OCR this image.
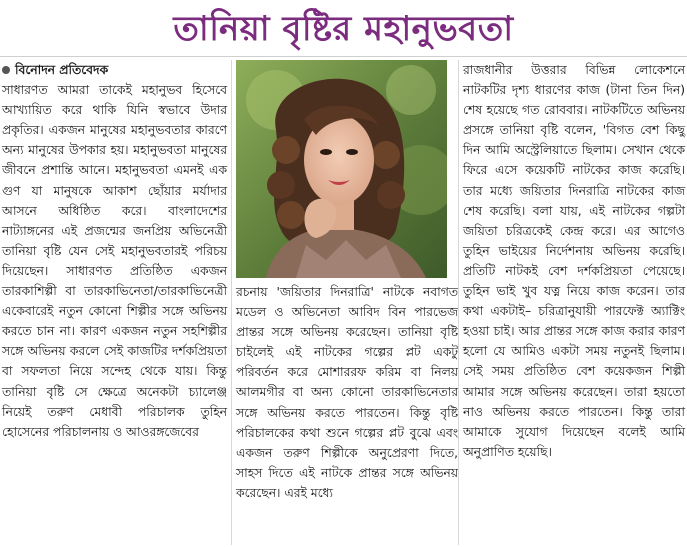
তানিয়া বৃষ্টির মহানুভবতা
বিনোদন প্রতিবেদক

সাধারণত আমরা তাকেই মহানুভব হিসেবে আখ্যায়িত করে থাকি যিনি স্বভাবে উদার প্রকৃতির। একজন মানুষের মহানুভবতার কারণে অন্য মানুষের উপকার হয়। মহানুভবতা মানুষের জীবনে প্রশান্তি আনে। মহানুভবতা এমনই এক গুণ যা মানুষকে আকাশ ছোঁয়ার মর্যাদার আসনে অধিষ্ঠিত করে। বাংলাদেশের নাট্যাঙ্গনের এই প্রজন্মের জনপ্রিয় অভিনেত্রী তানিয়া বৃষ্টি যেন সেই মহানুভবতারই পরিচয় দিয়েছেন। সাধারণত প্রতিষ্ঠিত একজন তারকাশিল্পী বা তারকাভিনেতা/তারকাভিনেত্রী একেবারেই নতুন কোনো শিল্পীর সঙ্গে অভিনয় করতে চান না। কারণ একজন নতুন সহশিল্পীর সঙ্গে অভিনয় করলে সেই কাজটির দর্শকপ্রিয়তা বা সফলতা নিয়ে সন্দেহ থেকে যায়। কিন্তু তানিয়া বৃষ্টি সে ক্ষেত্রে অনেকটা চ্যালেঞ্জ নিয়েই তরুণ মেধাবী পরিচালক তুহিন হোসেনের পরিচালনায় ও আওরঙ্গজেবের

রচনায় 'জয়িতার দিনরাত্রি' নাটকে নবাগত মডেল ও অভিনেতা আবিদ বিন পারভেজ প্রান্তর সঙ্গে অভিনয় করেছেন। তানিয়া বৃষ্টি চাইলেই এই নাটকের গল্পের প্লট একটু পরিবর্তন করে মোশাররফ করিম বা নিলয় আলমগীর বা অন্য কোনো তারকাভিনেতার সঙ্গে অভিনয় করতে পারতেন। কিন্তু বৃষ্টি পরিচালকের কথা শুনে গল্পের প্লট বুঝে এবং একজন তরুণ শিল্পীকে অনুপ্রেরণা দিতে, সাহস দিতে এই নাটকে প্রান্তর সঙ্গে অভিনয় করেছেন। এরই মধ্যে

রাজধানীর উত্তরার বিভিন্ন লোকেশনে নাটকটির দৃশ্য ধারণের কাজ (টানা তিন দিন) শেষ হয়েছে গত রোববার। নাটকটিতে অভিনয় প্রসঙ্গে তানিয়া বৃষ্টি বলেন, 'বিগত বেশ কিছু দিন আমি অস্ট্রেলিয়াতে ছিলাম। সেখান থেকে ফিরে এসে কয়েকটি নাটকের কাজ করেছি। তার মধ্যে জয়িতার দিনরাত্রি নাটকের কাজ শেষ করেছি। বলা যায়, এই নাটকের গল্পটা জয়িতা চরিত্রকেই কেন্দ্র করে। এর আগেও তুহিন ভাইয়ের নির্দেশনায় অভিনয় করেছি। প্রতিটি নাটকই বেশ দর্শকপ্রিয়তা পেয়েছে। তুহিন ভাই খুব যত্ন নিয়ে কাজ করেন। তার কথা একটাই– চরিত্রানুযায়ী পারফেক্ট অ্যাক্টিং হওয়া চাই। আর প্রান্তর সঙ্গে কাজ করার কারণ হলো যে আমিও একটা সময় নতুনই ছিলাম। সেই সময় প্রতিষ্ঠিত বেশ কয়েকজন শিল্পী আমার সঙ্গে অভিনয় করেছেন। তারা হয়তো নাও অভিনয় করতে পারতেন। কিন্তু তারা আমাকে সুযোগ দিয়েছেন বলেই আমি অনুপ্রাণিত হয়েছি।
